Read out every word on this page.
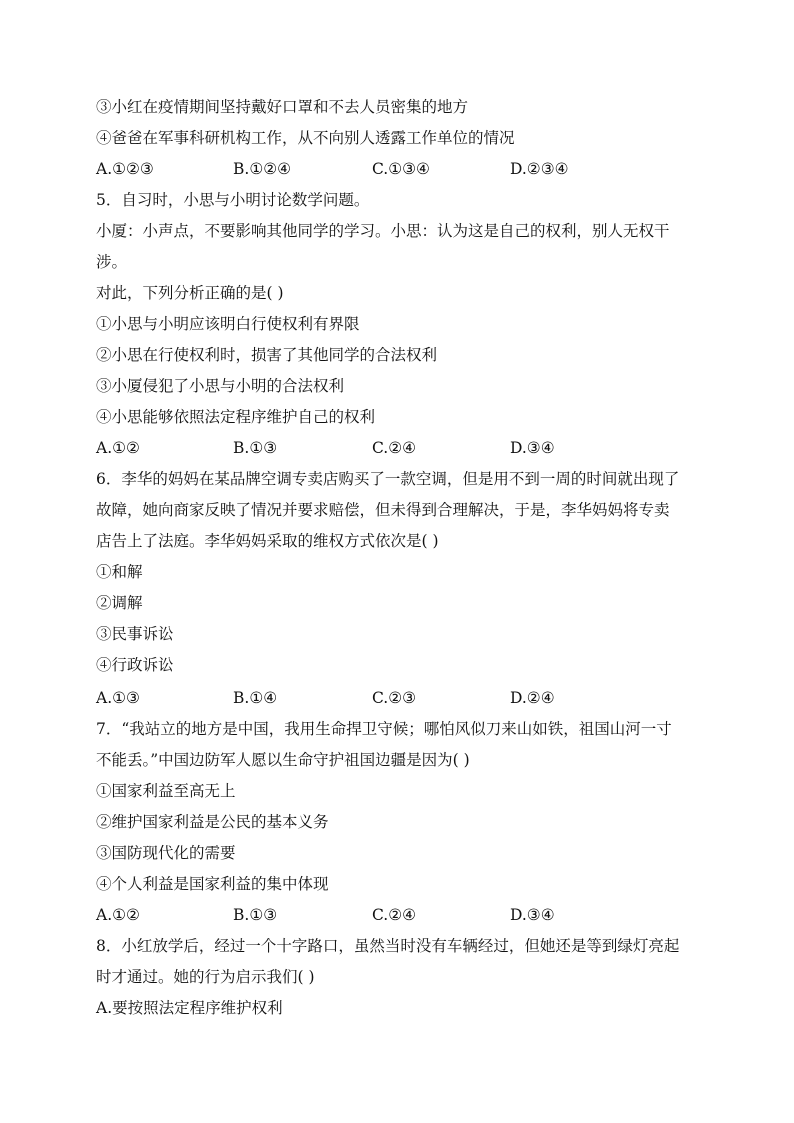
③小红在疫情期间坚持戴好口罩和不去人员密集的地方
④爸爸在军事科研机构工作，从不向别人透露工作单位的情况
A.①②③	B.①②④	C.①③④	D.②③④
5．自习时，小思与小明讨论数学问题。
小厦：小声点，不要影响其他同学的学习。小思：认为这是自己的权利，别人无权干
涉。
对此，下列分析正确的是( )
①小思与小明应该明白行使权利有界限
②小思在行使权利时，损害了其他同学的合法权利
③小厦侵犯了小思与小明的合法权利
④小思能够依照法定程序维护自己的权利
A.①②	B.①③	C.②④	D.③④
6．李华的妈妈在某品牌空调专卖店购买了一款空调，但是用不到一周的时间就出现了
故障，她向商家反映了情况并要求赔偿，但未得到合理解决，于是，李华妈妈将专卖
店告上了法庭。李华妈妈采取的维权方式依次是( )
①和解
②调解
③民事诉讼
④行政诉讼
A.①③	B.①④	C.②③	D.②④
7．“我站立的地方是中国，我用生命捍卫守候；哪怕风似刀来山如铁，祖国山河一寸
不能丢。”中国边防军人愿以生命守护祖国边疆是因为( )
①国家利益至高无上
②维护国家利益是公民的基本义务
③国防现代化的需要
④个人利益是国家利益的集中体现
A.①②	B.①③	C.②④	D.③④
8．小红放学后，经过一个十字路口，虽然当时没有车辆经过，但她还是等到绿灯亮起
时才通过。她的行为启示我们( )
A.要按照法定程序维护权利
